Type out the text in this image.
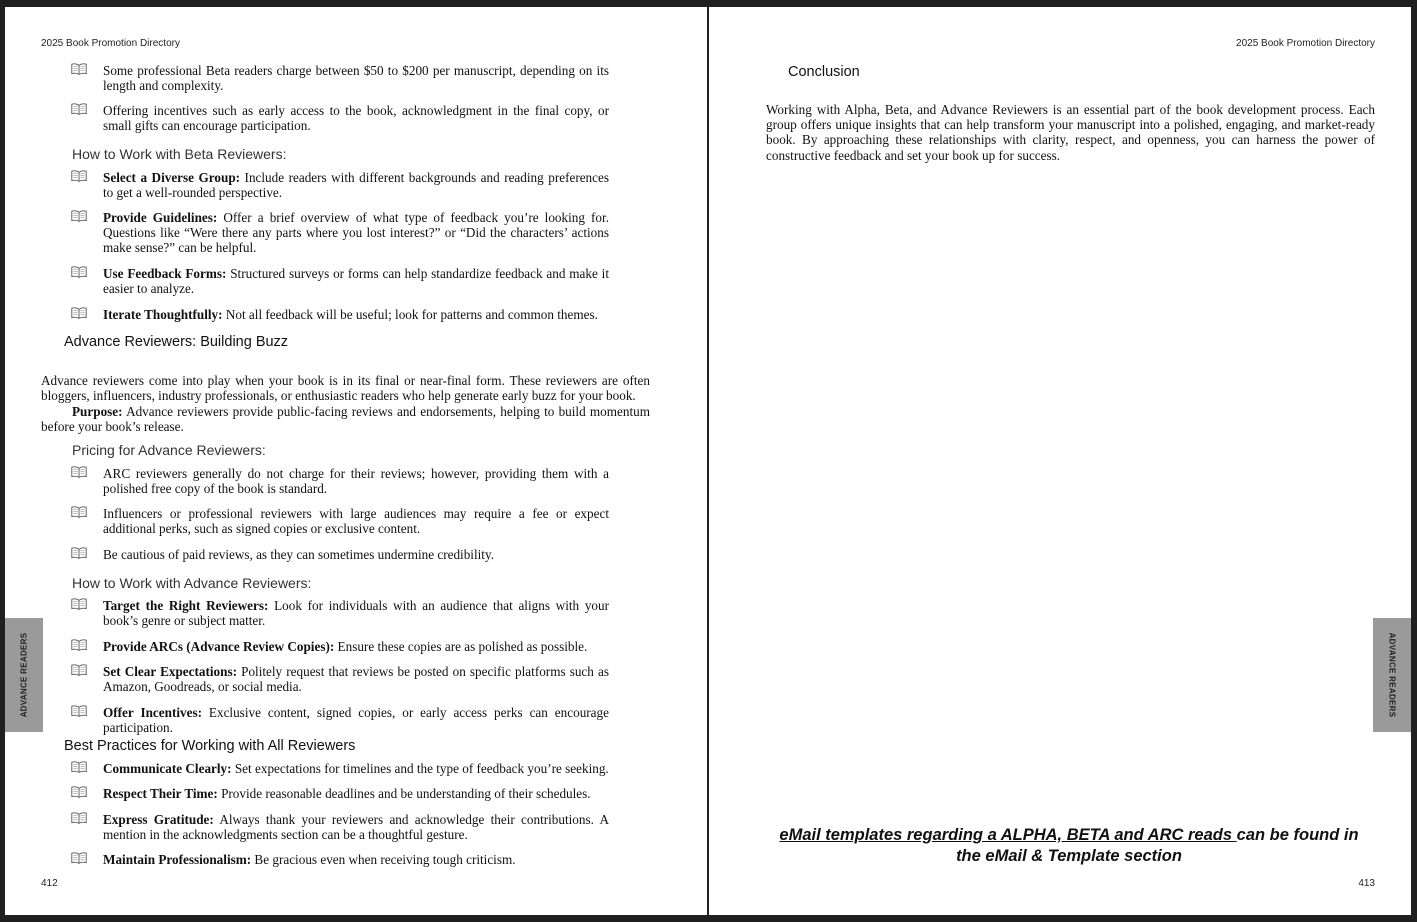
2025 Book Promotion Directory
ADVANCE READERS
Some professional Beta readers charge between $50 to $200 per manuscript, depending on its length and complexity.
Offering incentives such as early access to the book, acknowledgment in the final copy, or small gifts can encourage participation.
How to Work with Beta Reviewers:
Select a Diverse Group: Include readers with different backgrounds and reading preferences to get a well-rounded perspective.
Provide Guidelines: Offer a brief overview of what type of feedback you’re looking for. Questions like “Were there any parts where you lost interest?” or “Did the characters’ actions make sense?” can be helpful.
Use Feedback Forms: Structured surveys or forms can help standardize feedback and make it easier to analyze.
Iterate Thoughtfully: Not all feedback will be useful; look for patterns and common themes.
Advance Reviewers: Building Buzz
Advance reviewers come into play when your book is in its final or near-final form. These reviewers are often bloggers, influencers, industry professionals, or enthusiastic readers who help generate early buzz for your book.
Purpose: Advance reviewers provide public-facing reviews and endorsements, helping to build momentum before your book’s release.
Pricing for Advance Reviewers:
ARC reviewers generally do not charge for their reviews; however, providing them with a polished free copy of the book is standard.
Influencers or professional reviewers with large audiences may require a fee or expect additional perks, such as signed copies or exclusive content.
Be cautious of paid reviews, as they can sometimes undermine credibility.
How to Work with Advance Reviewers:
Target the Right Reviewers: Look for individuals with an audience that aligns with your book’s genre or subject matter.
Provide ARCs (Advance Review Copies): Ensure these copies are as polished as possible.
Set Clear Expectations: Politely request that reviews be posted on specific platforms such as Amazon, Goodreads, or social media.
Offer Incentives: Exclusive content, signed copies, or early access perks can encourage participation.
Best Practices for Working with All Reviewers
Communicate Clearly: Set expectations for timelines and the type of feedback you’re seeking.
Respect Their Time: Provide reasonable deadlines and be understanding of their schedules.
Express Gratitude: Always thank your reviewers and acknowledge their contributions. A mention in the acknowledgments section can be a thoughtful gesture.
Maintain Professionalism: Be gracious even when receiving tough criticism.
412
2025 Book Promotion Directory
ADVANCE READERS
Conclusion
Working with Alpha, Beta, and Advance Reviewers is an essential part of the book development process. Each group offers unique insights that can help transform your manuscript into a polished, engaging, and market-ready book. By approaching these relationships with clarity, respect, and openness, you can harness the power of constructive feedback and set your book up for success.
eMail templates regarding a ALPHA, BETA and ARC reads can be found in the eMail & Template section
413
